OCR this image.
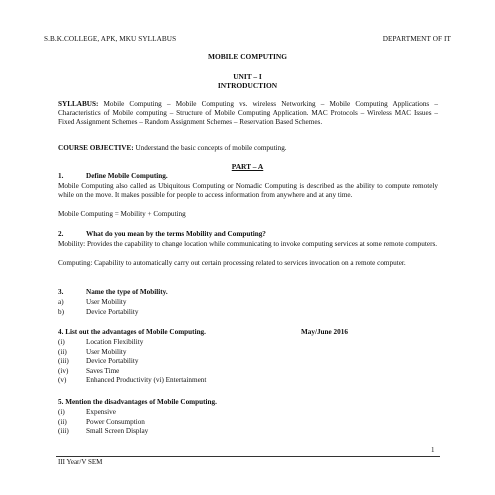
S.B.K.COLLEGE, APK, MKU SYLLABUS	DEPARTMENT OF IT
MOBILE COMPUTING
UNIT – I
INTRODUCTION
SYLLABUS: Mobile Computing – Mobile Computing vs. wireless Networking – Mobile Computing Applications – Characteristics of Mobile computing – Structure of Mobile Computing Application. MAC Protocols – Wireless MAC Issues – Fixed Assignment Schemes – Random Assignment Schemes – Reservation Based Schemes.
COURSE OBJECTIVE: Understand the basic concepts of mobile computing.
PART – A
1.	Define Mobile Computing.
Mobile Computing also called as Ubiquitous Computing or Nomadic Computing is described as the ability to compute remotely while on the move. It makes possible for people to access information from anywhere and at any time.
Mobile Computing = Mobility + Computing
2.	What do you mean by the terms Mobility and Computing?
Mobility: Provides the capability to change location while communicating to invoke computing services at some remote computers.
Computing: Capability to automatically carry out certain processing related to services invocation on a remote computer.
3.	Name the type of Mobility.
a)	User Mobility
b)	Device Portability
4. List out the advantages of Mobile Computing.	May/June 2016
(i)	Location Flexibility
(ii)	User Mobility
(iii) Device Portability
(iv) Saves Time
(v)	Enhanced Productivity (vi) Entertainment
5. Mention the disadvantages of Mobile Computing.
(i)	Expensive
(ii)	Power Consumption
(iii) Small Screen Display
1
III Year/V SEM
